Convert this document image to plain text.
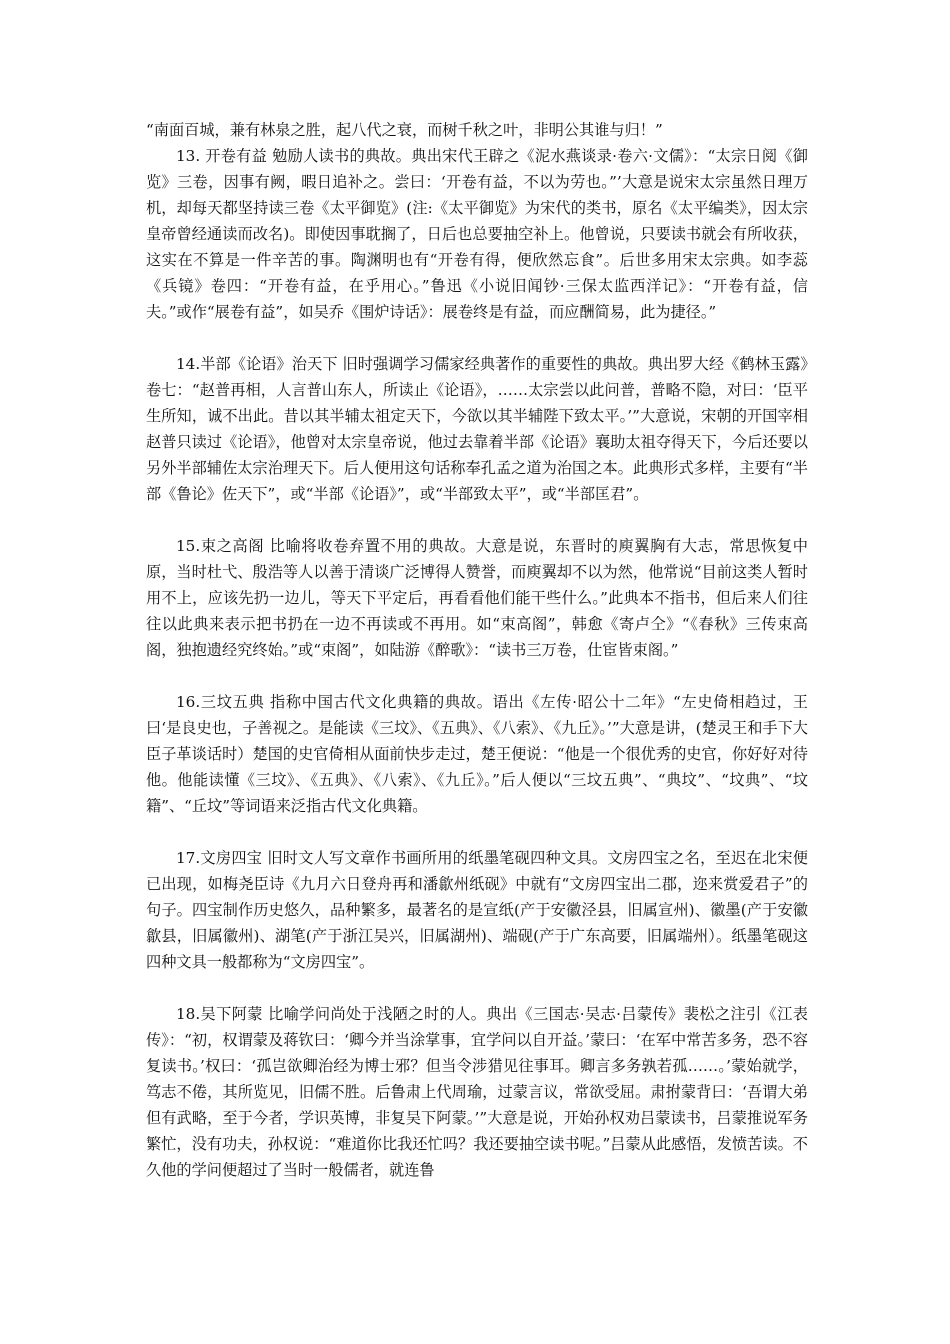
“南面百城，兼有林泉之胜，起八代之衰，而树千秋之叶，非明公其谁与归！”

13. 开卷有益 勉励人读书的典故。典出宋代王辟之《泥水燕谈录·卷六·文儒》：“太宗日阅《御览》三卷，因事有阙，暇日追补之。尝曰：‘开卷有益，不以为劳也。”’大意是说宋太宗虽然日理万机，却每天都坚持读三卷《太平御览》(注:《太平御览》为宋代的类书，原名《太平编类》，因太宗皇帝曾经通读而改名)。即使因事耽搁了，日后也总要抽空补上。他曾说，只要读书就会有所收获，这实在不算是一件辛苦的事。陶渊明也有“开卷有得，便欣然忘食”。后世多用宋太宗典。如李蕊《兵镜》卷四：“开卷有益，在乎用心。”鲁迅《小说旧闻钞·三保太监西洋记》：“开卷有益，信夫。”或作“展卷有益”，如吴乔《围炉诗话》：展卷终是有益，而应酬简易，此为捷径。”

14.半部《论语》治天下 旧时强调学习儒家经典著作的重要性的典故。典出罗大经《鹤林玉露》卷七：“赵普再相，人言普山东人，所读止《论语》，……太宗尝以此问普，普略不隐，对曰：‘臣平生所知，诚不出此。昔以其半辅太祖定天下，今欲以其半辅陛下致太平。’”大意说，宋朝的开国宰相赵普只读过《论语》，他曾对太宗皇帝说，他过去靠着半部《论语》襄助太祖夺得天下，今后还要以另外半部辅佐太宗治理天下。后人便用这句话称奉孔孟之道为治国之本。此典形式多样，主要有“半部《鲁论》佐天下”，或“半部《论语》”，或“半部致太平”，或“半部匡君”。

15.束之高阁 比喻将收卷弃置不用的典故。大意是说，东晋时的庾翼胸有大志，常思恢复中原，当时杜弋、殷浩等人以善于清谈广泛博得人赞誉，而庾翼却不以为然，他常说“目前这类人暂时用不上，应该先扔一边儿，等天下平定后，再看看他们能干些什么。”此典本不指书，但后来人们往往以此典来表示把书扔在一边不再读或不再用。如“束高阁”，韩愈《寄卢仝》“《春秋》三传束高阁，独抱遗经究终始。”或“束阁”，如陆游《醉歌》：“读书三万卷，仕宦皆束阁。”

16.三坟五典 指称中国古代文化典籍的典故。语出《左传·昭公十二年》“左史倚相趋过，王曰‘是良史也，子善视之。是能读《三坟》、《五典》、《八索》、《九丘》。’”大意是讲，(楚灵王和手下大臣子革谈话时）楚国的史官倚相从面前快步走过，楚王便说：“他是一个很优秀的史官，你好好对待他。他能读懂《三坟》、《五典》、《八索》、《九丘》。”后人便以“三坟五典”、“典坟”、“坟典”、“坟籍”、“丘坟”等词语来泛指古代文化典籍。

17.文房四宝 旧时文人写文章作书画所用的纸墨笔砚四种文具。文房四宝之名，至迟在北宋便已出现，如梅尧臣诗《九月六日登舟再和潘歙州纸砚》中就有“文房四宝出二郡，迩来赏爱君子”的句子。四宝制作历史悠久，品种繁多，最著名的是宣纸(产于安徽泾县，旧属宣州)、徽墨(产于安徽歙县，旧属徽州)、湖笔(产于浙江吴兴，旧属湖州)、端砚(产于广东高要，旧属端州）。纸墨笔砚这四种文具一般都称为“文房四宝”。

18.吴下阿蒙 比喻学问尚处于浅陋之时的人。典出《三国志·吴志·吕蒙传》裴松之注引《江表传》：“初，权谓蒙及蒋钦曰：‘卿今并当涂掌事，宜学问以自开益。’蒙曰：‘在军中常苦多务，恐不容复读书。’权曰：‘孤岂欲卿治经为博士邪？但当令涉猎见往事耳。卿言多务孰若孤……。’蒙始就学，笃志不倦，其所览见，旧儒不胜。后鲁肃上代周瑜，过蒙言议，常欲受屈。肃拊蒙背曰：‘吾谓大弟但有武略，至于今者，学识英博，非复吴下阿蒙。’”大意是说，开始孙权劝吕蒙读书，吕蒙推说军务繁忙，没有功夫，孙权说：“难道你比我还忙吗？我还要抽空读书呢。”吕蒙从此感悟，发愤苦读。不久他的学问便超过了当时一般儒者，就连鲁
